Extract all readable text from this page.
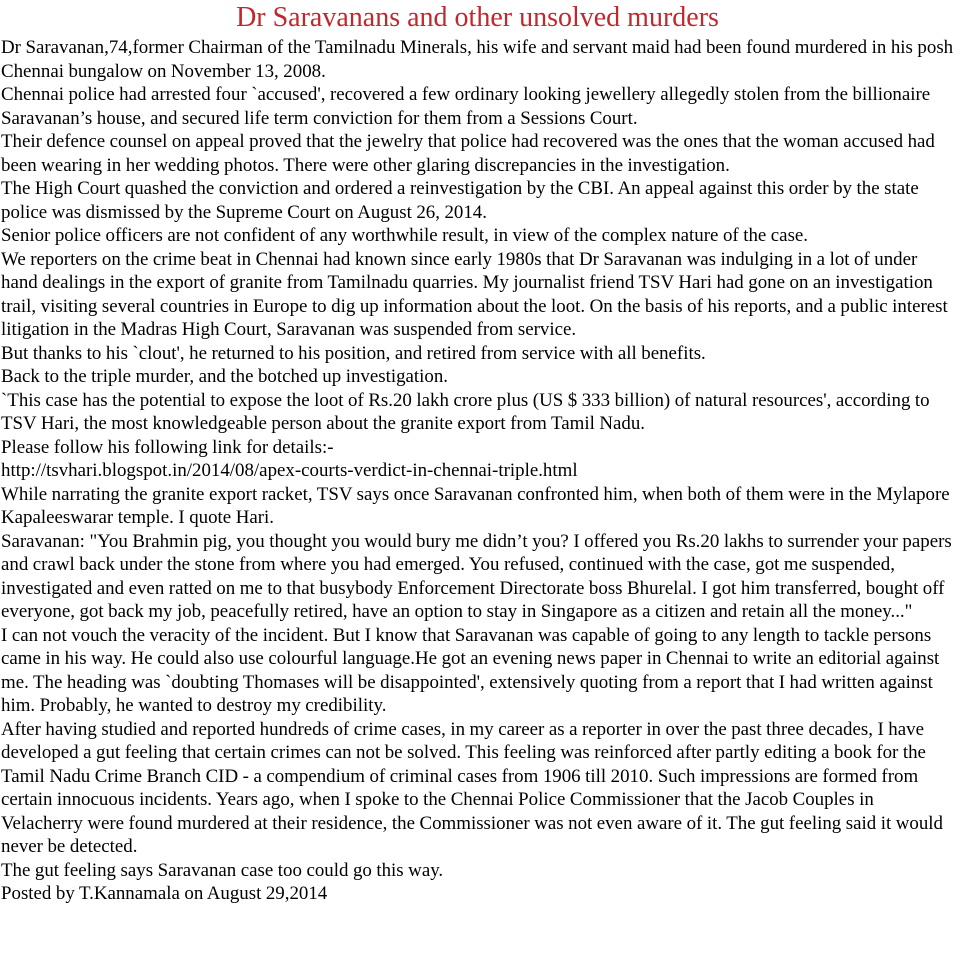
Dr Saravanans and other unsolved murders

Dr Saravanan,74,former Chairman of the Tamilnadu Minerals, his wife and servant maid had been found murdered in his posh Chennai bungalow on November 13, 2008.

Chennai police had arrested four `accused', recovered a few ordinary looking jewellery allegedly stolen from the billionaire Saravanan’s house, and secured life term conviction for them from a Sessions Court.

Their defence counsel on appeal proved that the jewelry that police had recovered was the ones that the woman accused had been wearing in her wedding photos. There were other glaring discrepancies in the investigation.

The High Court quashed the conviction and ordered a reinvestigation by the CBI. An appeal against this order by the state police was dismissed by the Supreme Court on August 26, 2014.

Senior police officers are not confident of any worthwhile result, in view of the complex nature of the case.

We reporters on the crime beat in Chennai had known since early 1980s that Dr Saravanan was indulging in a lot of under hand dealings in the export of granite from Tamilnadu quarries. My journalist friend TSV Hari had gone on an investigation trail, visiting several countries in Europe to dig up information about the loot. On the basis of his reports, and a public interest litigation in the Madras High Court, Saravanan was suspended from service.

But thanks to his `clout', he returned to his position, and retired from service with all benefits.

Back to the triple murder, and the botched up investigation.

`This case has the potential to expose the loot of Rs.20 lakh crore plus (US $ 333 billion) of natural resources', according to TSV Hari, the most knowledgeable person about the granite export from Tamil Nadu.

Please follow his following link for details:-

http://tsvhari.blogspot.in/2014/08/apex-courts-verdict-in-chennai-triple.html

While narrating the granite export racket, TSV says once Saravanan confronted him, when both of them were in the Mylapore Kapaleeswarar temple. I quote Hari.

Saravanan: "You Brahmin pig, you thought you would bury me didn’t you? I offered you Rs.20 lakhs to surrender your papers and crawl back under the stone from where you had emerged. You refused, continued with the case, got me suspended, investigated and even ratted on me to that busybody Enforcement Directorate boss Bhurelal. I got him transferred, bought off everyone, got back my job, peacefully retired, have an option to stay in Singapore as a citizen and retain all the money..."

I can not vouch the veracity of the incident. But I know that Saravanan was capable of going to any length to tackle persons came in his way. He could also use colourful language.He got an evening news paper in Chennai to write an editorial against me. The heading was `doubting Thomases will be disappointed', extensively quoting from a report that I had written against him. Probably, he wanted to destroy my credibility.

After having studied and reported hundreds of crime cases, in my career as a reporter in over the past three decades, I have developed a gut feeling that certain crimes can not be solved. This feeling was reinforced after partly editing a book for the Tamil Nadu Crime Branch CID - a compendium of criminal cases from 1906 till 2010. Such impressions are formed from certain innocuous incidents. Years ago, when I spoke to the Chennai Police Commissioner that the Jacob Couples in Velacherry were found murdered at their residence, the Commissioner was not even aware of it. The gut feeling said it would never be detected.

The gut feeling says Saravanan case too could go this way.

Posted by T.Kannamala on August 29,2014
